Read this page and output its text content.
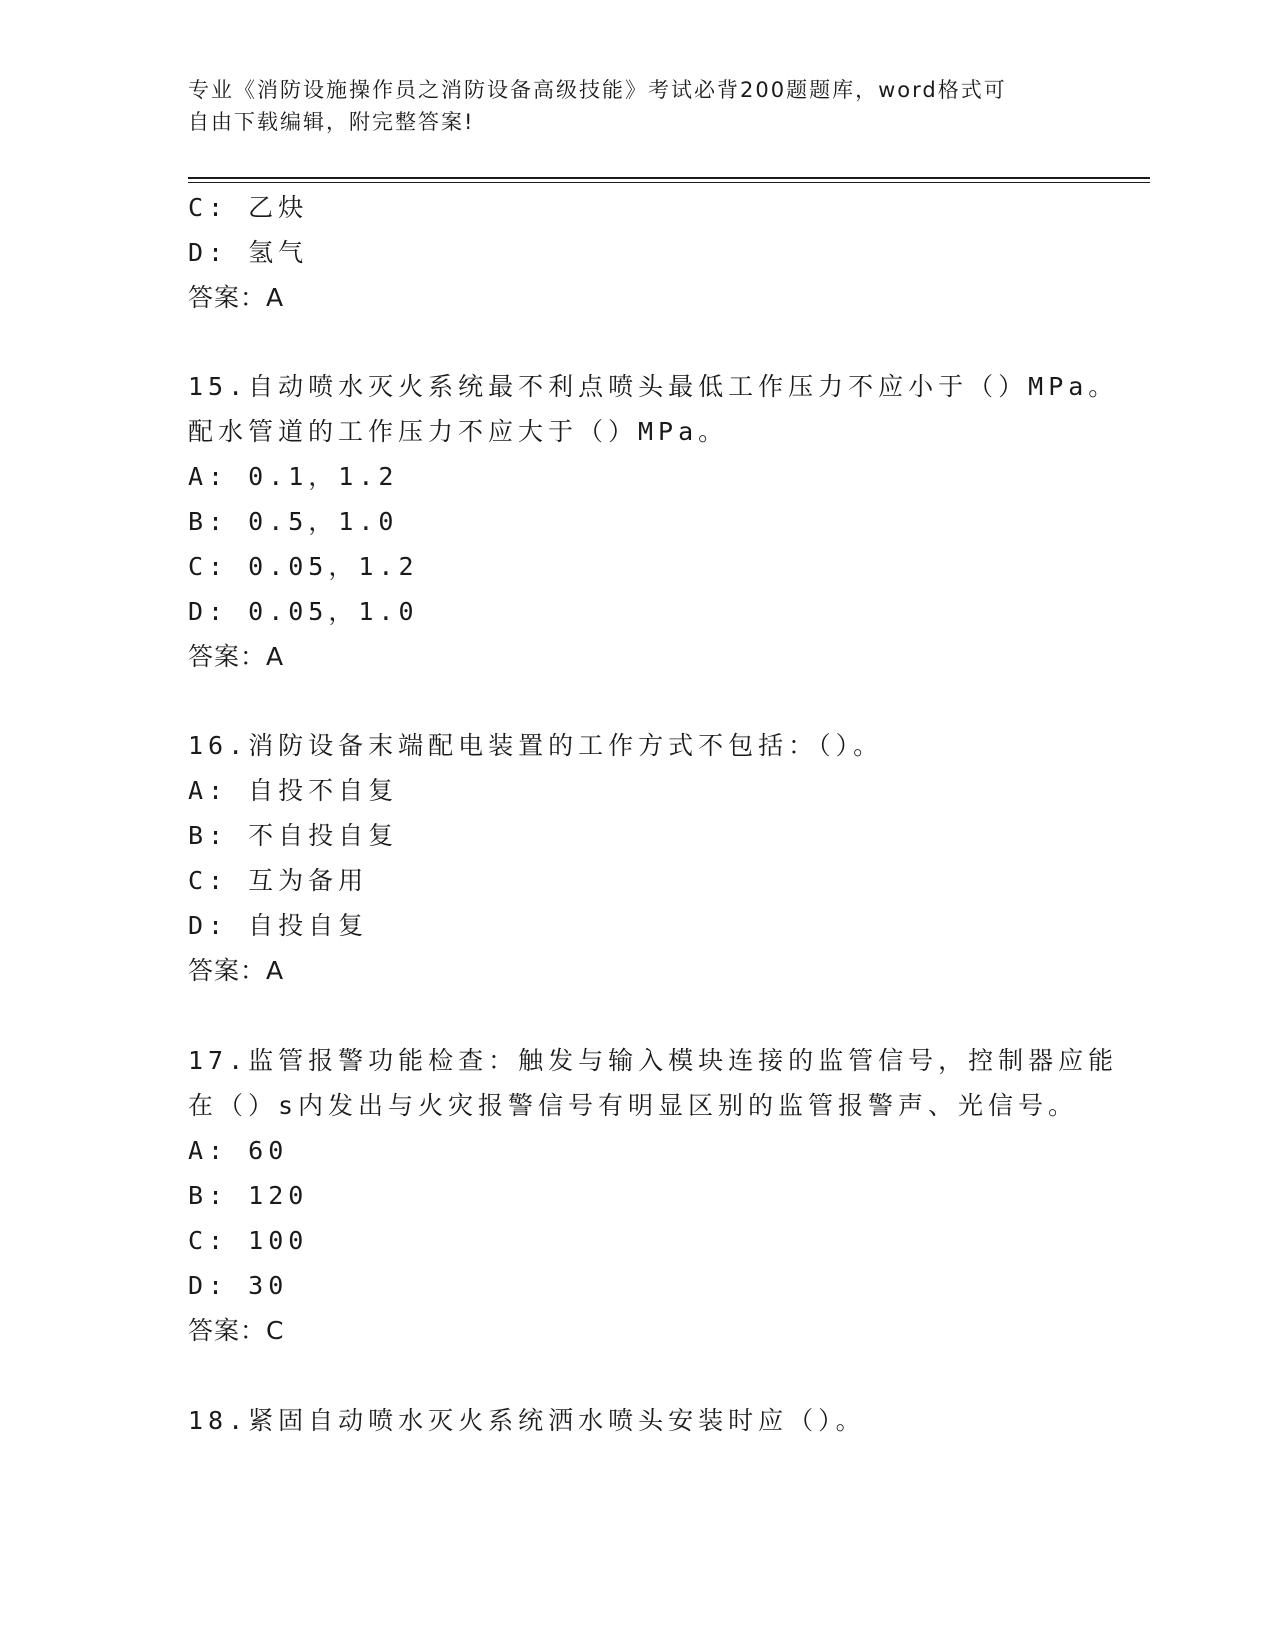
专业《消防设施操作员之消防设备高级技能》考试必背200题题库，word格式可
自由下载编辑，附完整答案!
C: 乙炔
D: 氢气
答案：A
15.自动喷水灭火系统最不利点喷头最低工作压力不应小于（）MPa。
配水管道的工作压力不应大于（）MPa。
A: 0.1，1.2
B: 0.5，1.0
C: 0.05，1.2
D: 0.05，1.0
答案：A
16.消防设备末端配电装置的工作方式不包括：（）。
A: 自投不自复
B: 不自投自复
C: 互为备用
D: 自投自复
答案：A
17.监管报警功能检查：触发与输入模块连接的监管信号，控制器应能
在（）s内发出与火灾报警信号有明显区别的监管报警声、光信号。
A: 60
B: 120
C: 100
D: 30
答案：C
18.紧固自动喷水灭火系统洒水喷头安装时应（）。
